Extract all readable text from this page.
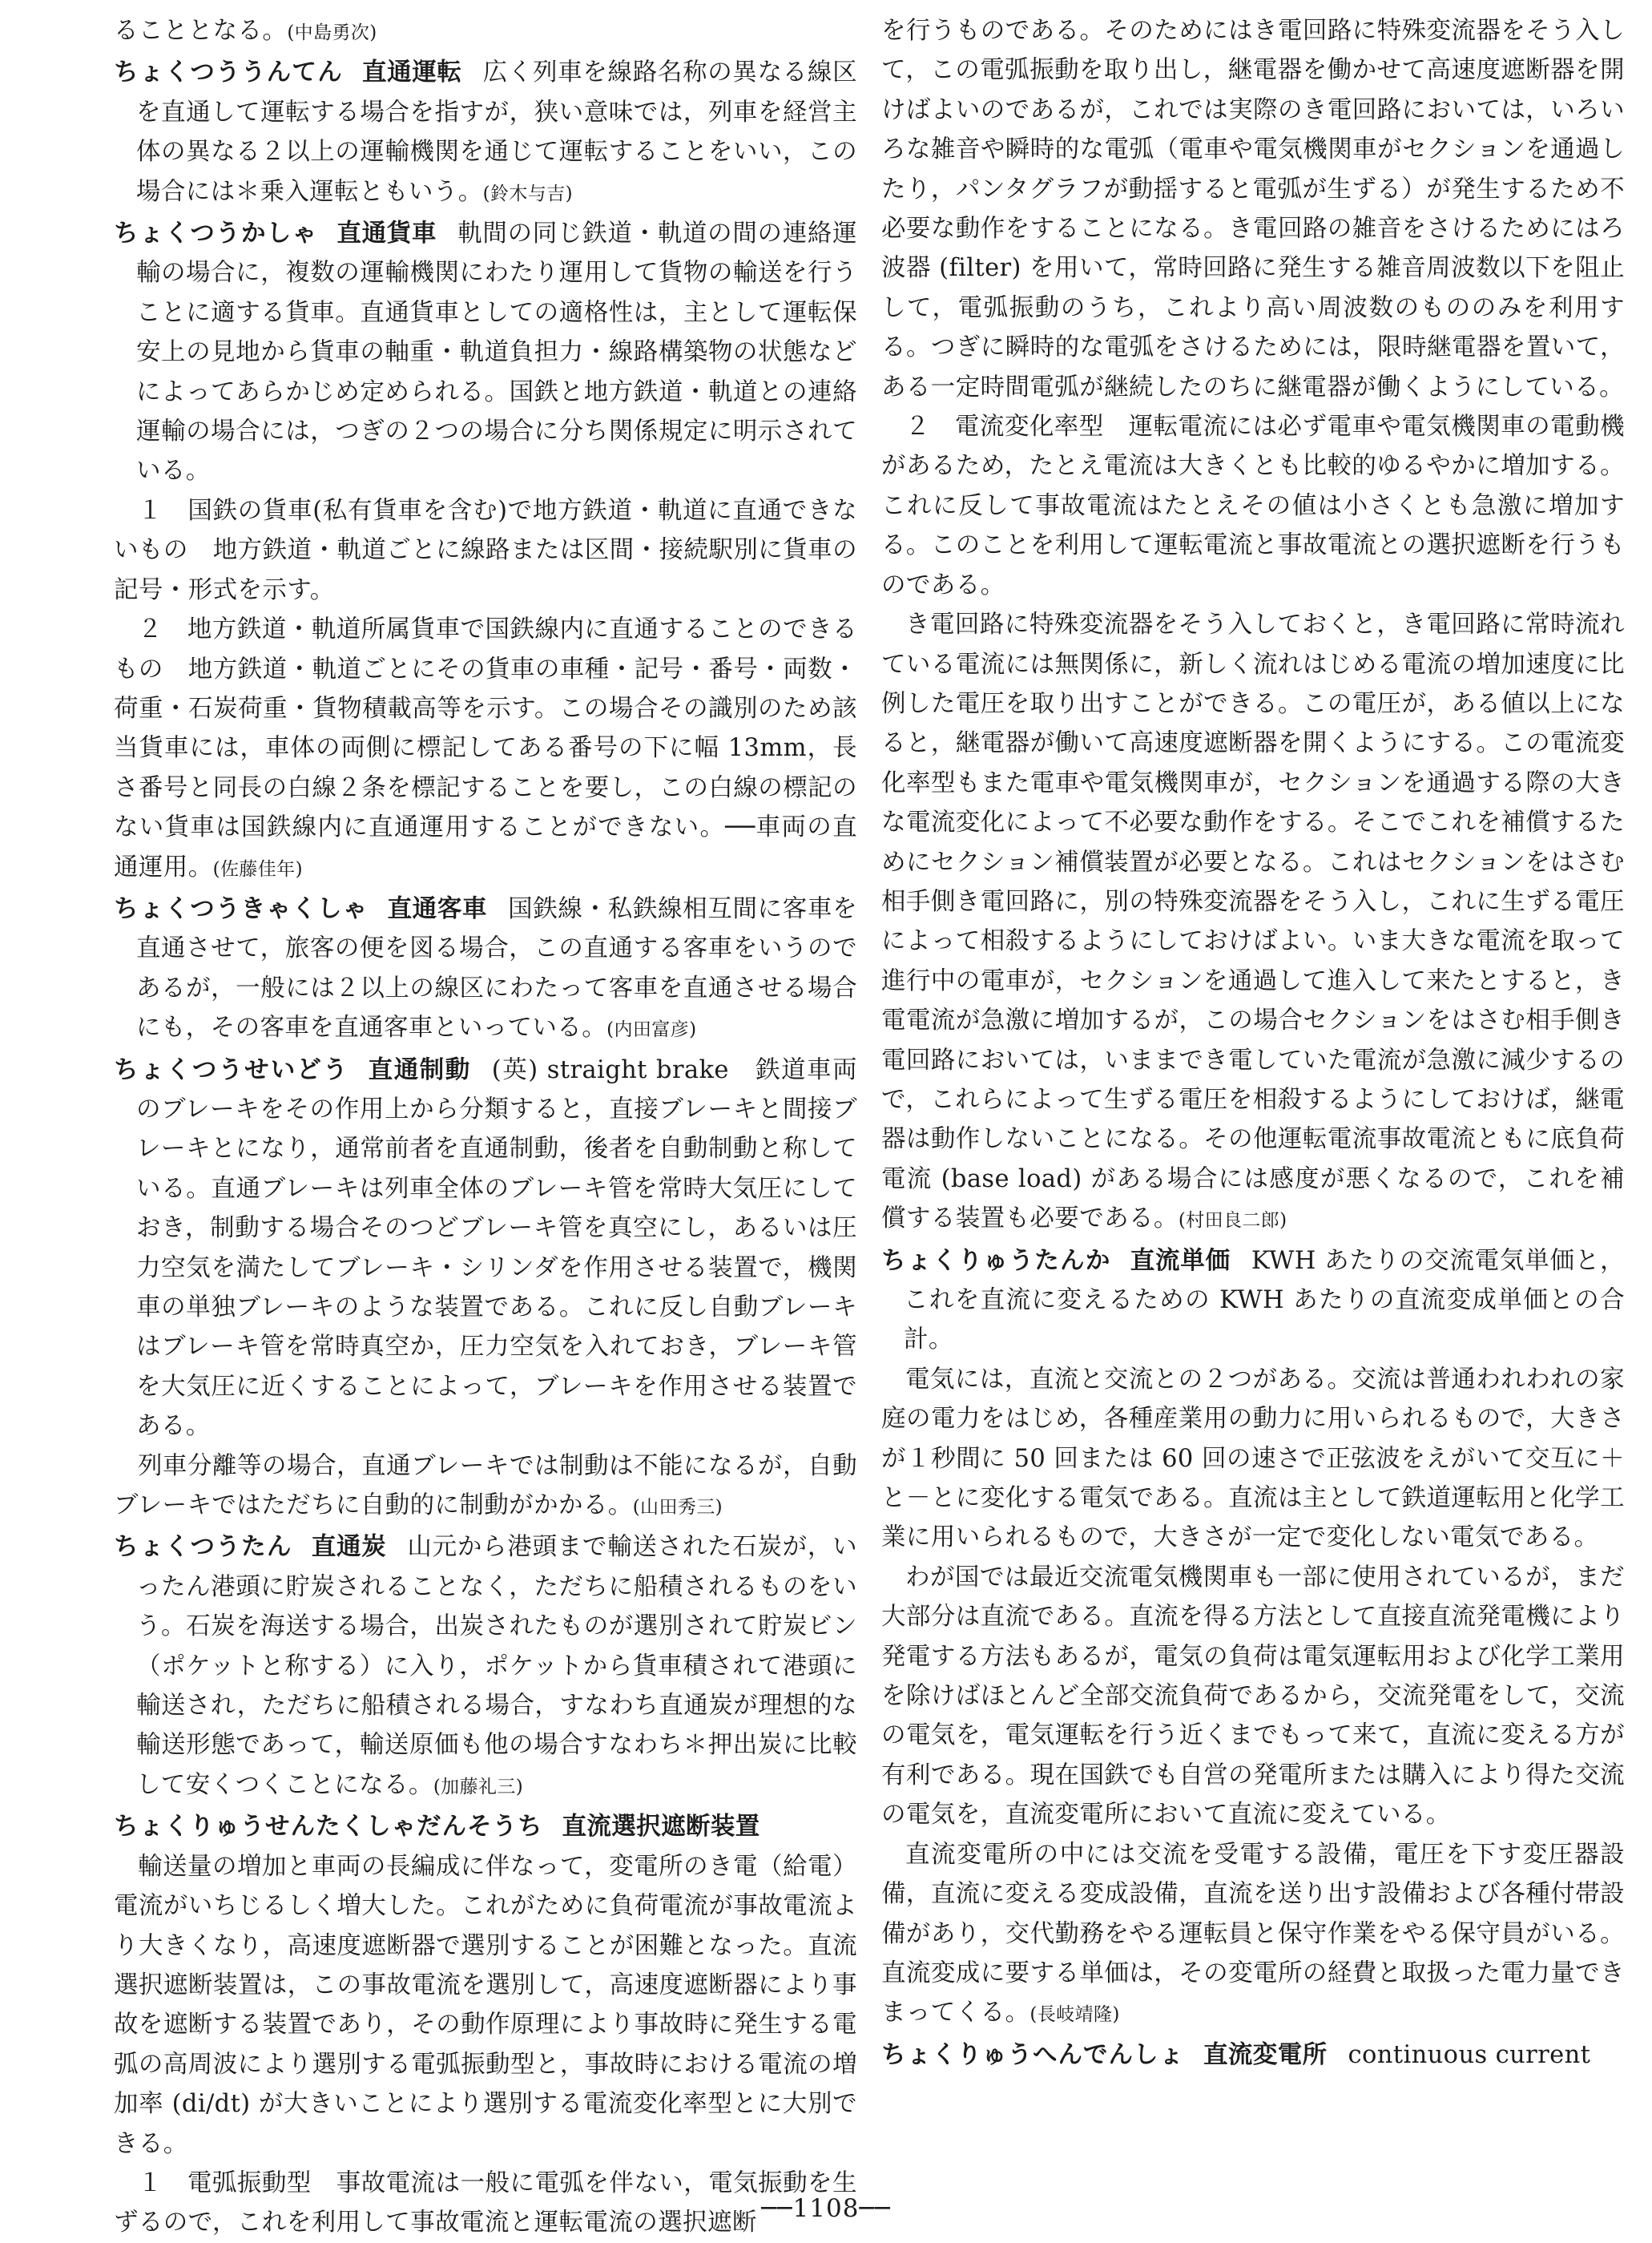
ることとなる。(中島勇次)

ちょくつううんてん 直通運転 広く列車を線路名称の異なる線区を直通して運転する場合を指すが，狭い意味では，列車を経営主体の異なる２以上の運輸機関を通じて運転することをいい，この場合には＊乗入運転ともいう。(鈴木与吉)

ちょくつうかしゃ 直通貨車 軌間の同じ鉄道・軌道の間の連絡運輸の場合に，複数の運輸機関にわたり運用して貨物の輸送を行うことに適する貨車。直通貨車としての適格性は，主として運転保安上の見地から貨車の軸重・軌道負担力・線路構築物の状態などによってあらかじめ定められる。国鉄と地方鉄道・軌道との連絡運輸の場合には，つぎの２つの場合に分ち関係規定に明示されている。

１　国鉄の貨車(私有貨車を含む)で地方鉄道・軌道に直通できないもの　地方鉄道・軌道ごとに線路または区間・接続駅別に貨車の記号・形式を示す。

２　地方鉄道・軌道所属貨車で国鉄線内に直通することのできるもの　地方鉄道・軌道ごとにその貨車の車種・記号・番号・両数・荷重・石炭荷重・貨物積載高等を示す。この場合その識別のため該当貨車には，車体の両側に標記してある番号の下に幅 13mm，長さ番号と同長の白線２条を標記することを要し，この白線の標記のない貨車は国鉄線内に直通運用することができない。──車両の直通運用。(佐藤佳年)

ちょくつうきゃくしゃ 直通客車 国鉄線・私鉄線相互間に客車を直通させて，旅客の便を図る場合，この直通する客車をいうのであるが，一般には２以上の線区にわたって客車を直通させる場合にも，その客車を直通客車といっている。(内田富彦)

ちょくつうせいどう 直通制動 (英) straight brake　鉄道車両のブレーキをその作用上から分類すると，直接ブレーキと間接ブレーキとになり，通常前者を直通制動，後者を自動制動と称している。直通ブレーキは列車全体のブレーキ管を常時大気圧にしておき，制動する場合そのつどブレーキ管を真空にし，あるいは圧力空気を満たしてブレーキ・シリンダを作用させる装置で，機関車の単独ブレーキのような装置である。これに反し自動ブレーキはブレーキ管を常時真空か，圧力空気を入れておき，ブレーキ管を大気圧に近くすることによって，ブレーキを作用させる装置である。

列車分離等の場合，直通ブレーキでは制動は不能になるが，自動ブレーキではただちに自動的に制動がかかる。(山田秀三)

ちょくつうたん 直通炭 山元から港頭まで輸送された石炭が，いったん港頭に貯炭されることなく，ただちに船積されるものをいう。石炭を海送する場合，出炭されたものが選別されて貯炭ビン（ポケットと称する）に入り，ポケットから貨車積されて港頭に輸送され，ただちに船積される場合，すなわち直通炭が理想的な輸送形態であって，輸送原価も他の場合すなわち＊押出炭に比較して安くつくことになる。(加藤礼三)

ちょくりゅうせんたくしゃだんそうち 直流選択遮断装置

輸送量の増加と車両の長編成に伴なって，変電所のき電（給電）電流がいちじるしく増大した。これがために負荷電流が事故電流より大きくなり，高速度遮断器で選別することが困難となった。直流選択遮断装置は，この事故電流を選別して，高速度遮断器により事故を遮断する装置であり，その動作原理により事故時に発生する電弧の高周波により選別する電弧振動型と，事故時における電流の増加率 (di/dt) が大きいことにより選別する電流変化率型とに大別できる。

１　電弧振動型　事故電流は一般に電弧を伴ない，電気振動を生ずるので，これを利用して事故電流と運転電流の選択遮断

を行うものである。そのためにはき電回路に特殊変流器をそう入して，この電弧振動を取り出し，継電器を働かせて高速度遮断器を開けばよいのであるが，これでは実際のき電回路においては，いろいろな雑音や瞬時的な電弧（電車や電気機関車がセクションを通過したり，パンタグラフが動揺すると電弧が生ずる）が発生するため不必要な動作をすることになる。き電回路の雑音をさけるためにはろ波器 (filter) を用いて，常時回路に発生する雑音周波数以下を阻止して，電弧振動のうち，これより高い周波数のもののみを利用する。つぎに瞬時的な電弧をさけるためには，限時継電器を置いて，ある一定時間電弧が継続したのちに継電器が働くようにしている。

２　電流変化率型　運転電流には必ず電車や電気機関車の電動機があるため，たとえ電流は大きくとも比較的ゆるやかに増加する。これに反して事故電流はたとえその値は小さくとも急激に増加する。このことを利用して運転電流と事故電流との選択遮断を行うものである。

き電回路に特殊変流器をそう入しておくと，き電回路に常時流れている電流には無関係に，新しく流れはじめる電流の増加速度に比例した電圧を取り出すことができる。この電圧が，ある値以上になると，継電器が働いて高速度遮断器を開くようにする。この電流変化率型もまた電車や電気機関車が，セクションを通過する際の大きな電流変化によって不必要な動作をする。そこでこれを補償するためにセクション補償装置が必要となる。これはセクションをはさむ相手側き電回路に，別の特殊変流器をそう入し，これに生ずる電圧によって相殺するようにしておけばよい。いま大きな電流を取って進行中の電車が，セクションを通過して進入して来たとすると，き電電流が急激に増加するが，この場合セクションをはさむ相手側き電回路においては，いままでき電していた電流が急激に減少するので，これらによって生ずる電圧を相殺するようにしておけば，継電器は動作しないことになる。その他運転電流事故電流ともに底負荷電流 (base load) がある場合には感度が悪くなるので，これを補償する装置も必要である。(村田良二郎)

ちょくりゅうたんか 直流単価 KWH あたりの交流電気単価と，これを直流に変えるための KWH あたりの直流変成単価との合計。

電気には，直流と交流との２つがある。交流は普通われわれの家庭の電力をはじめ，各種産業用の動力に用いられるもので，大きさが１秒間に 50 回または 60 回の速さで正弦波をえがいて交互に＋と－とに変化する電気である。直流は主として鉄道運転用と化学工業に用いられるもので，大きさが一定で変化しない電気である。

わが国では最近交流電気機関車も一部に使用されているが，まだ大部分は直流である。直流を得る方法として直接直流発電機により発電する方法もあるが，電気の負荷は電気運転用および化学工業用を除けばほとんど全部交流負荷であるから，交流発電をして，交流の電気を，電気運転を行う近くまでもって来て，直流に変える方が有利である。現在国鉄でも自営の発電所または購入により得た交流の電気を，直流変電所において直流に変えている。

直流変電所の中には交流を受電する設備，電圧を下す変圧器設備，直流に変える変成設備，直流を送り出す設備および各種付帯設備があり，交代勤務をやる運転員と保守作業をやる保守員がいる。直流変成に要する単価は，その変電所の経費と取扱った電力量できまってくる。(長岐靖隆)

ちょくりゅうへんでんしょ 直流変電所 continuous current

──1108──
